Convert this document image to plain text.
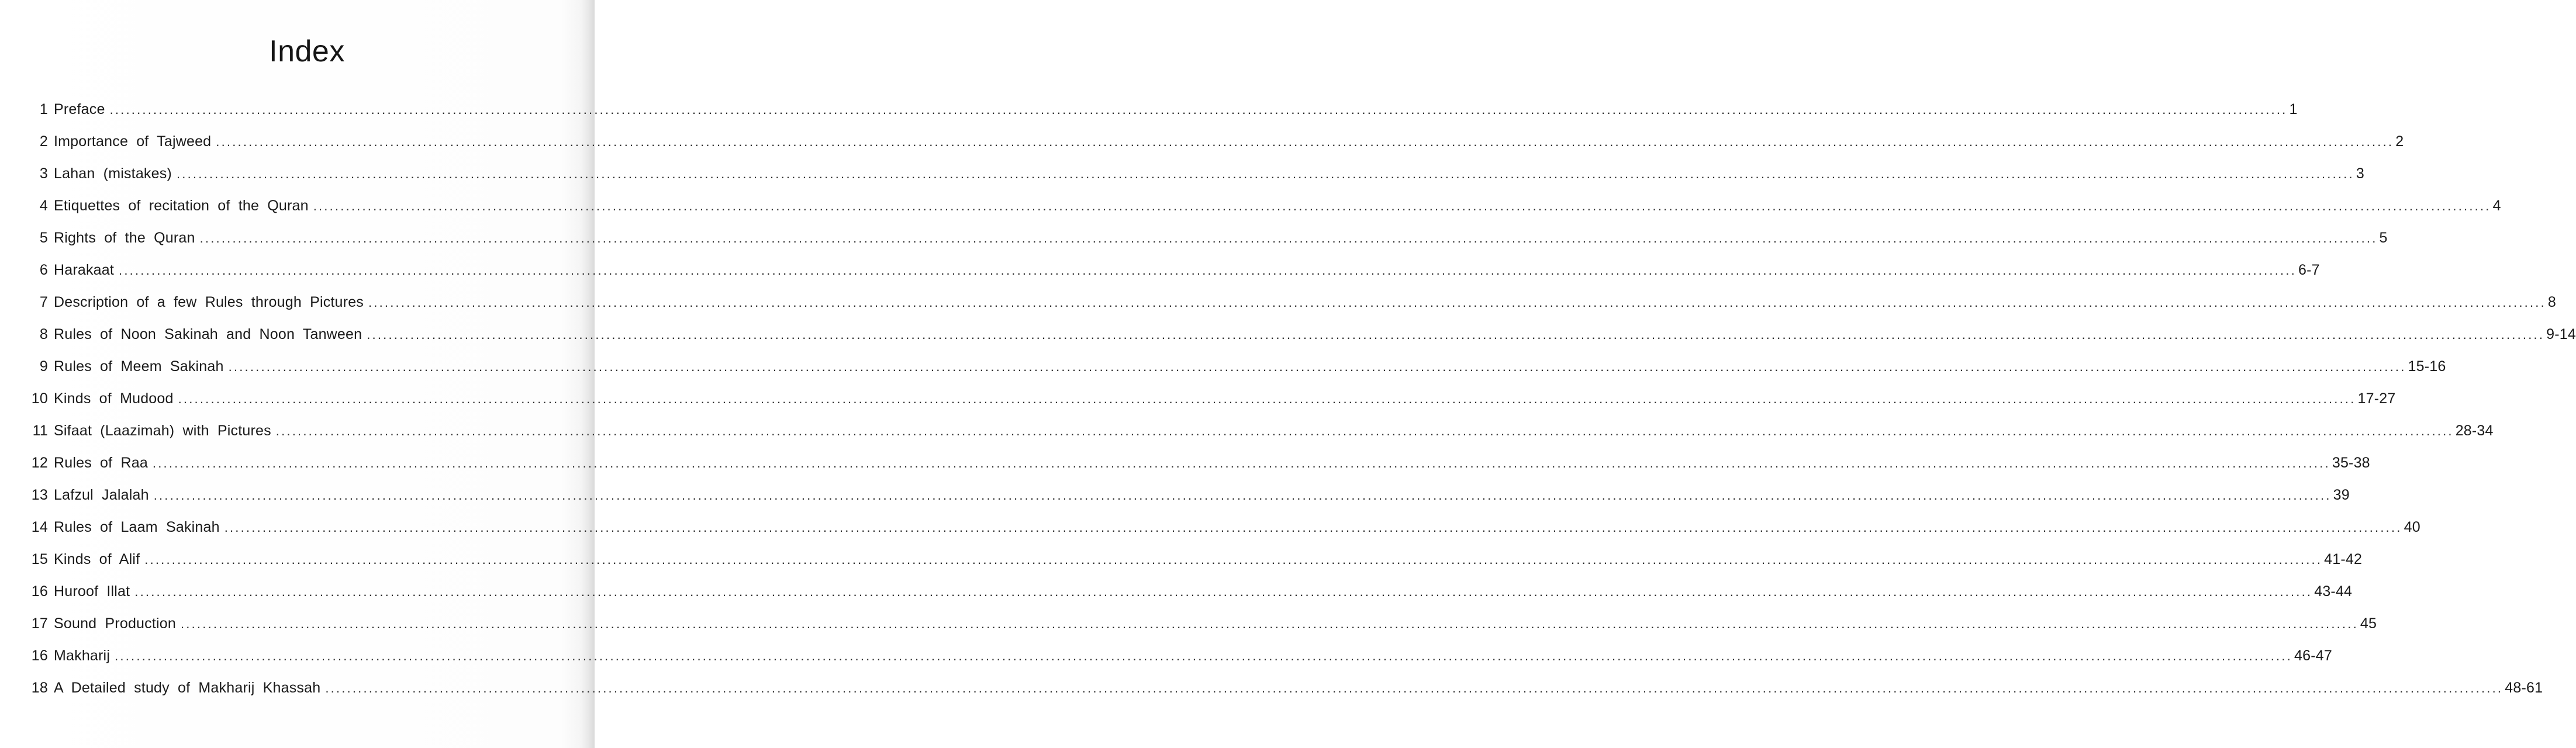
Index
1 Preface ................................................................................................................................................................................................................................................................................................................................................................................................................ 1
2 Importance of Tajweed ................................................................................................................................................................................................................................................................................................................................................................................................................ 2
3 Lahan (mistakes) ................................................................................................................................................................................................................................................................................................................................................................................................................ 3
4 Etiquettes of recitation of the Quran ................................................................................................................................................................................................................................................................................................................................................................................................................ 4
5 Rights of the Quran ................................................................................................................................................................................................................................................................................................................................................................................................................ 5
6 Harakaat ................................................................................................................................................................................................................................................................................................................................................................................................................ 6-7
7 Description of a few Rules through Pictures ................................................................................................................................................................................................................................................................................................................................................................................................................ 8
8 Rules of Noon Sakinah and Noon Tanween ................................................................................................................................................................................................................................................................................................................................................................................................................ 9-14
9 Rules of Meem Sakinah ................................................................................................................................................................................................................................................................................................................................................................................................................ 15-16
10 Kinds of Mudood ................................................................................................................................................................................................................................................................................................................................................................................................................ 17-27
11 Sifaat (Laazimah) with Pictures ................................................................................................................................................................................................................................................................................................................................................................................................................ 28-34
12 Rules of Raa ................................................................................................................................................................................................................................................................................................................................................................................................................ 35-38
13 Lafzul Jalalah ................................................................................................................................................................................................................................................................................................................................................................................................................ 39
14 Rules of Laam Sakinah ................................................................................................................................................................................................................................................................................................................................................................................................................ 40
15 Kinds of Alif ................................................................................................................................................................................................................................................................................................................................................................................................................ 41-42
16 Huroof Illat ................................................................................................................................................................................................................................................................................................................................................................................................................ 43-44
17 Sound Production ................................................................................................................................................................................................................................................................................................................................................................................................................ 45
16 Makharij ................................................................................................................................................................................................................................................................................................................................................................................................................ 46-47
18 A Detailed study of Makharij Khassah ................................................................................................................................................................................................................................................................................................................................................................................................................ 48-61
